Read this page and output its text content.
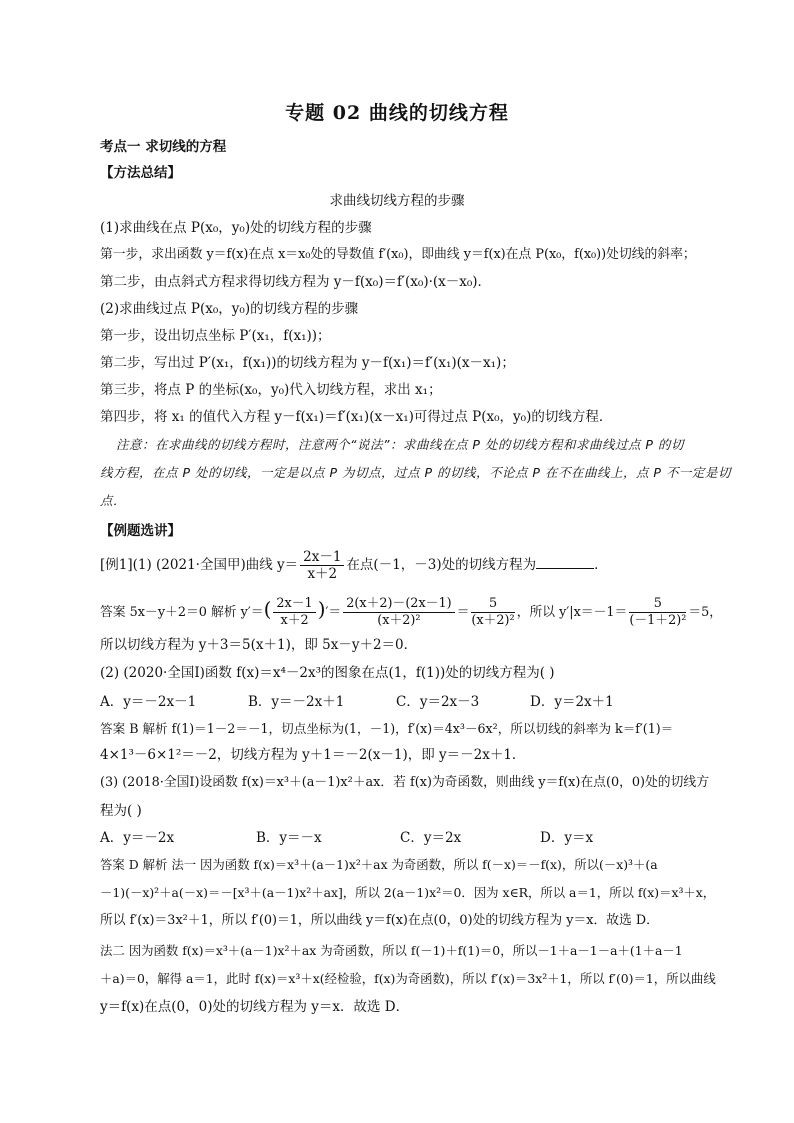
专题 02 曲线的切线方程
考点一 求切线的方程
【方法总结】
求曲线切线方程的步骤
(1)求曲线在点 P(x₀，y₀)处的切线方程的步骤
第一步，求出函数 y＝f(x)在点 x＝x₀处的导数值 f′(x₀)，即曲线 y＝f(x)在点 P(x₀，f(x₀))处切线的斜率；
第二步，由点斜式方程求得切线方程为 y－f(x₀)＝f′(x₀)·(x－x₀)．
(2)求曲线过点 P(x₀，y₀)的切线方程的步骤
第一步，设出切点坐标 P′(x₁，f(x₁))；
第二步，写出过 P′(x₁，f(x₁))的切线方程为 y－f(x₁)＝f′(x₁)(x－x₁)；
第三步，将点 P 的坐标(x₀，y₀)代入切线方程，求出 x₁；
第四步，将 x₁ 的值代入方程 y－f(x₁)＝f′(x₁)(x－x₁)可得过点 P(x₀，y₀)的切线方程．
注意：在求曲线的切线方程时，注意两个“说法”：求曲线在点 P 处的切线方程和求曲线过点 P 的切
线方程，在点 P 处的切线，一定是以点 P 为切点，过点 P 的切线，不论点 P 在不在曲线上，点 P 不一定是切
点．
【例题选讲】
[例1](1) (2021·全国甲)曲线 $y= \frac{2x-1}{x+2}$ 在点(－1，－3)处的切线方程为	．
答案 5x－y＋2＝0 解析 $y'=( \frac{2x-1}{x+2}$ )′＝ $\frac{2(x+2)-(2x-1)}{\text{(x＋2)²}} = \frac{5}{\text{(x＋2)²}}$ ，所以 $y'|x=-1= \frac{5}{\text{(－1＋2)²}} =5$，
所以切线方程为 y＋3＝5(x＋1)，即 5x－y＋2＝0．
(2) (2020·全国Ⅰ)函数 f(x)＝x⁴－2x³的图象在点(1，f(1))处的切线方程为( )
A．y＝－2x－1	B．y＝－2x＋1	C．y＝2x－3	D．y＝2x＋1
答案 B 解析 f(1)＝1－2＝－1，切点坐标为(1，－1)，f′(x)＝4x³－6x²，所以切线的斜率为 k＝f′(1)＝
4×1³－6×1²＝－2，切线方程为 y＋1＝－2(x－1)，即 y＝－2x＋1．
(3) (2018·全国Ⅰ)设函数 f(x)＝x³＋(a－1)x²＋ax．若 f(x)为奇函数，则曲线 y＝f(x)在点(0，0)处的切线方
程为( )
A．y＝－2x	B．y＝－x	C．y＝2x	D．y＝x
答案 D 解析 法一 因为函数 f(x)＝x³＋(a－1)x²＋ax 为奇函数，所以 f(－x)＝－f(x)，所以(－x)³＋(a
－1)(－x)²＋a(－x)＝－[x³＋(a－1)x²＋ax]，所以 2(a－1)x²＝0．因为 x∈R，所以 a＝1，所以 f(x)＝x³＋x，
所以 f′(x)＝3x²＋1，所以 f′(0)＝1，所以曲线 y＝f(x)在点(0，0)处的切线方程为 y＝x．故选 D．
法二 因为函数 f(x)＝x³＋(a－1)x²＋ax 为奇函数，所以 f(－1)＋f(1)＝0，所以－1＋a－1－a＋(1＋a－1
＋a)＝0，解得 a＝1，此时 f(x)＝x³＋x(经检验，f(x)为奇函数)，所以 f′(x)＝3x²＋1，所以 f′(0)＝1，所以曲线
y＝f(x)在点(0，0)处的切线方程为 y＝x．故选 D．
